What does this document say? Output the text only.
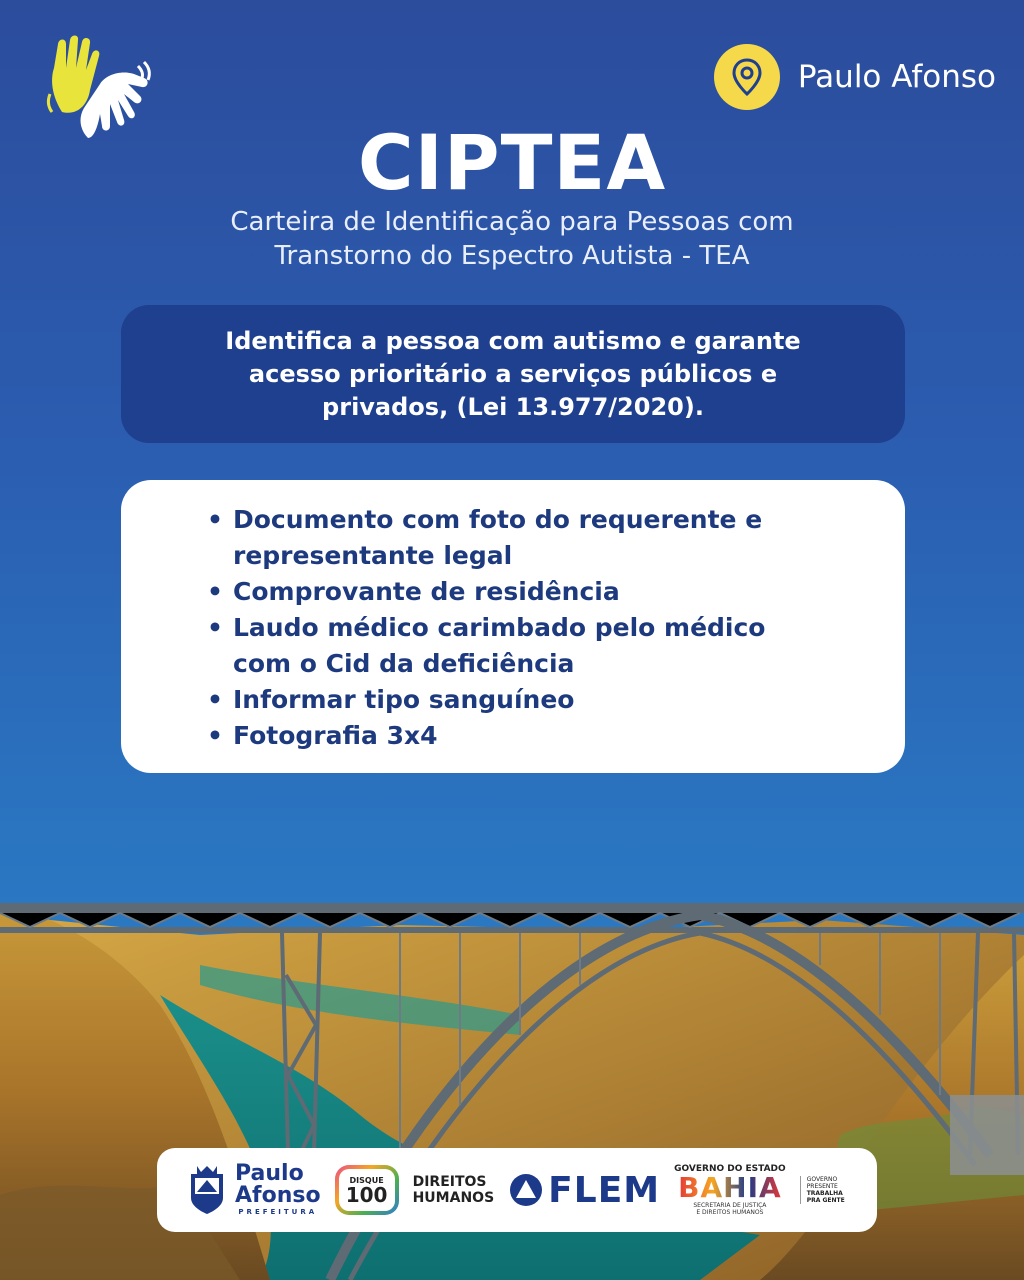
Paulo Afonso
CIPTEA
Carteira de Identificação para Pessoas com
Transtorno do Espectro Autista - TEA
Identifica a pessoa com autismo e garante
acesso prioritário a serviços públicos e
privados, (Lei 13.977/2020).
• Documento com foto do requerente e
representante legal
• Comprovante de residência
• Laudo médico carimbado pelo médico
com o Cid da deficiência
• Informar tipo sanguíneo
• Fotografia 3x4
Paulo
Afonso
PREFEITURA
DISQUE
100
DIREITOS
HUMANOS FLEM
GOVERNO DO ESTADO
BAHIA
SECRETARIA DE JUSTIÇA
E DIREITOS HUMANOS
GOVERNO
PRESENTE
TRABALHA
PRA GENTE
